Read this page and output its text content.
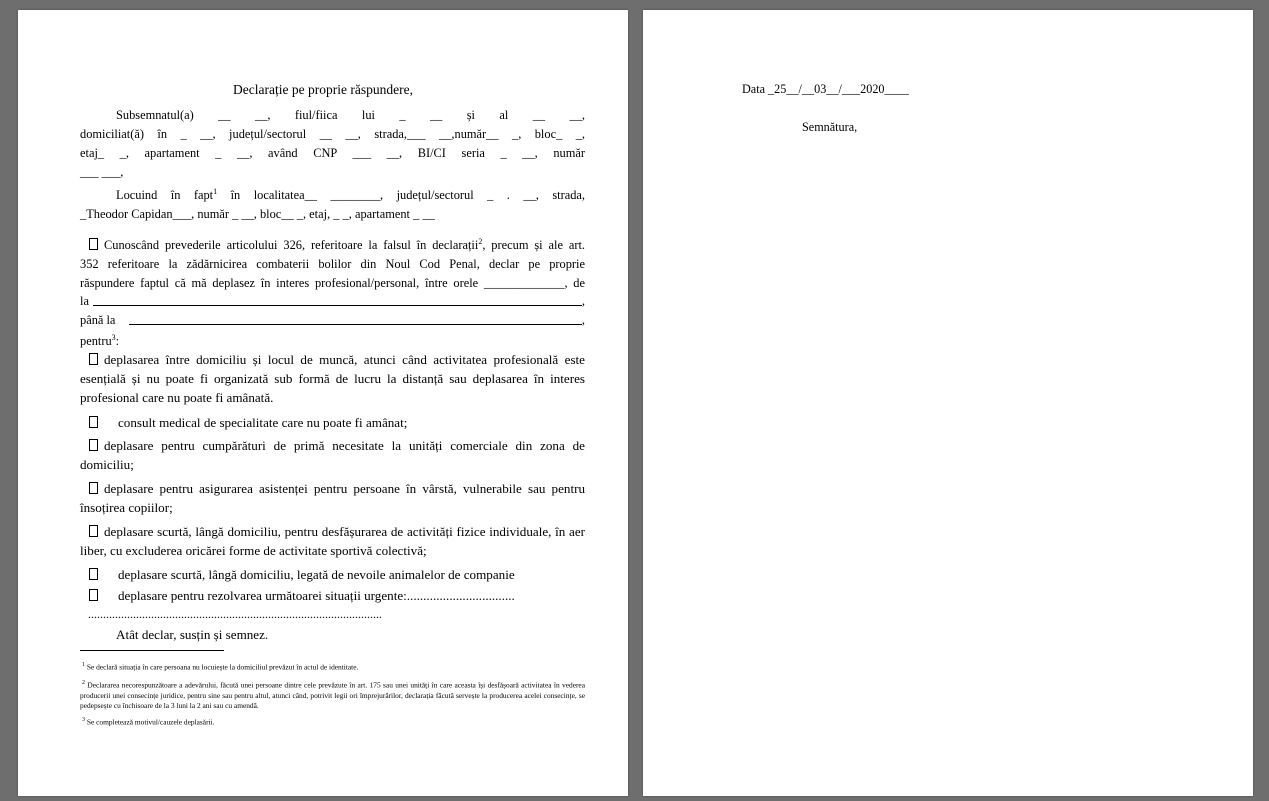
Declarație pe proprie răspundere,
Subsemnatul(a) __ __, fiul/fiica lui _ __ și al __ __,
domiciliat(ă) în _ __, județul/sectorul __ __, strada,___ __,număr__ _, bloc_ _,
etaj_ _, apartament _ __, având CNP ___ __, BI/CI seria _ __, număr
___ ___,
Locuind în fapt$^1$ în localitatea__ ________, județul/sectorul _ . __, strada,
_Theodor Capidan___, număr _ __, bloc__ _, etaj, _ _, apartament _ __
Cunoscând prevederile articolului 326, referitoare la falsul în declarații$^2$, precum și ale art.
352 referitoare la zădărnicirea combaterii bolilor din Noul Cod Penal, declar pe proprie
răspundere faptul că mă deplasez în interes profesional/personal, între orele _____________, de
la	,
până la	,
pentru$^3$:
deplasarea între domiciliu și locul de muncă, atunci când activitatea profesională este esențială și nu poate fi organizată sub formă de lucru la distanță sau deplasarea în interes profesional care nu poate fi amânată.
consult medical de specialitate care nu poate fi amânat;
deplasare pentru cumpărături de primă necesitate la unități comerciale din zona de domiciliu;
deplasare pentru asigurarea asistenței pentru persoane în vârstă, vulnerabile sau pentru însoțirea copiilor;
deplasare scurtă, lângă domiciliu, pentru desfășurarea de activități fizice individuale, în aer liber, cu excluderea oricărei forme de activitate sportivă colectivă;
deplasare scurtă, lângă domiciliu, legată de nevoile animalelor de companie
deplasare pentru rezolvarea următoarei situații urgente:.................................
..................................................................................................
Atât declar, susțin și semnez.
$^1$ Se declară situația în care persoana nu locuiește la domiciliul prevăzut în actul de identitate.
$^2$ Declararea necorespunzătoare a adevărului, făcută unei persoane dintre cele prevăzute în art. 175 sau unei unități în care aceasta își desfășoară activitatea în vederea producerii unei consecințe juridice, pentru sine sau pentru altul, atunci când, potrivit legii ori împrejurărilor, declarația făcută servește la producerea acelei consecințe, se pedepsește cu închisoare de la 3 luni la 2 ani sau cu amendă.
$^3$ Se completează motivul/cauzele deplasării.
Data _25__/__03__/___2020____
Semnătura,
